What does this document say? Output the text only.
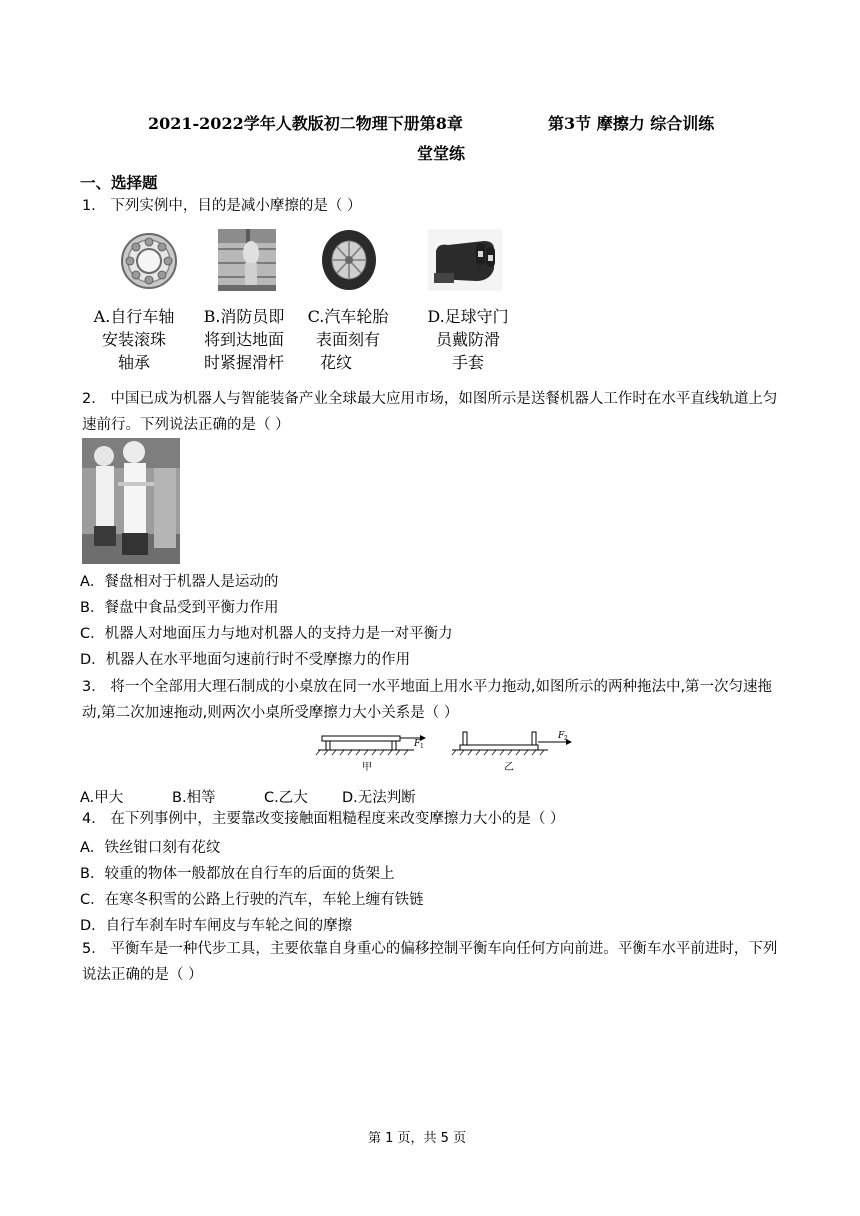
2021-2022学年人教版初二物理下册第8章	第3节 摩擦力 综合训练
堂堂练
一、选择题
1． 下列实例中，目的是减小摩擦的是（ ）
A.自行车轴
安装滚珠
轴承
B.消防员即
将到达地面
时紧握滑杆
C.汽车轮胎
表面刻有
花纹
D.足球守门
员戴防滑
手套
2． 中国已成为机器人与智能装备产业全球最大应用市场，如图所示是送餐机器人工作时在水平直线轨道上匀
速前行。下列说法正确的是（ ）
A．餐盘相对于机器人是运动的
B．餐盘中食品受到平衡力作用
C．机器人对地面压力与地对机器人的支持力是一对平衡力
D．机器人在水平地面匀速前行时不受摩擦力的作用
3． 将一个全部用大理石制成的小桌放在同一水平地面上用水平力拖动,如图所示的两种拖法中,第一次匀速拖
动,第二次加速拖动,则两次小桌所受摩擦力大小关系是（ ）
F 1
甲
F 2
乙
A.甲大	B.相等	C.乙大 D.无法判断
4． 在下列事例中，主要靠改变接触面粗糙程度来改变摩擦力大小的是（ ）
A．铁丝钳口刻有花纹
B．较重的物体一般都放在自行车的后面的货架上
C．在寒冬积雪的公路上行驶的汽车，车轮上缠有铁链
D．自行车刹车时车闸皮与车轮之间的摩擦
5． 平衡车是一种代步工具，主要依靠自身重心的偏移控制平衡车向任何方向前进。平衡车水平前进时，下列
说法正确的是（ ）
第 1 页，共 5 页
